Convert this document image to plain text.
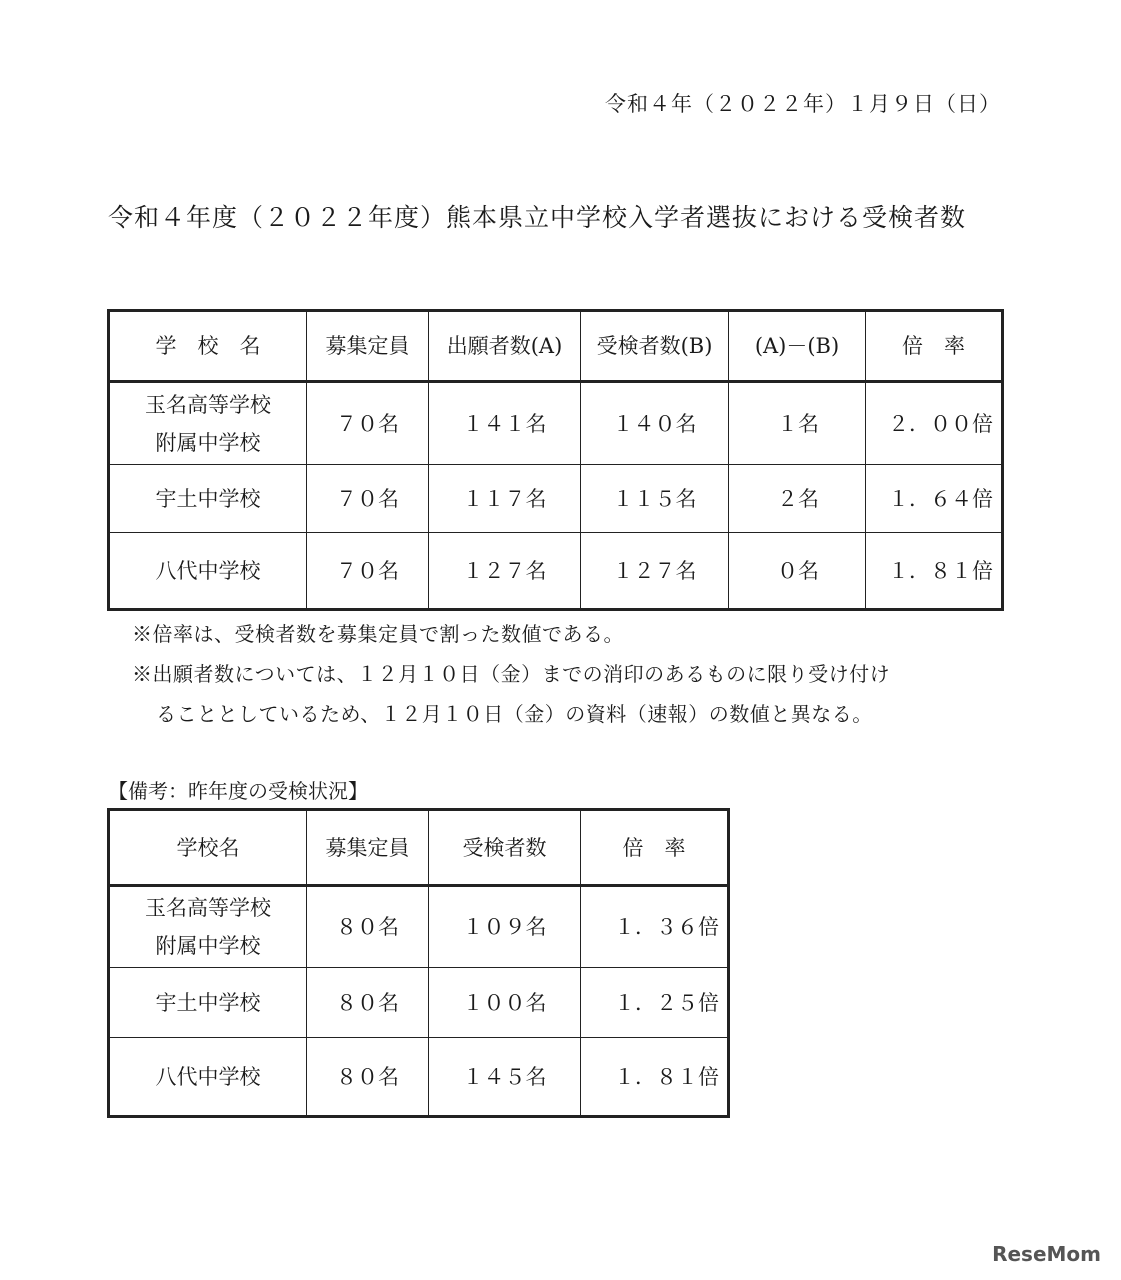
令和４年（２０２２年）１月９日（日）
令和４年度（２０２２年度）熊本県立中学校入学者選抜における受検者数
学　校　名	募集定員	出願者数(A)	受検者数(B)	(A)－(B)	倍　率

玉名高等学校
附属中学校	７０名	１４１名	１４０名	１名	２．００倍
宇土中学校	７０名	１１７名	１１５名	２名	１．６４倍
八代中学校	７０名	１２７名	１２７名	０名	１．８１倍
※倍率は、受検者数を募集定員で割った数値である。
※出願者数については、１２月１０日（金）までの消印のあるものに限り受け付け
ることとしているため、１２月１０日（金）の資料（速報）の数値と異なる。
【備考：昨年度の受検状況】
学校名	募集定員	受検者数	倍　率

玉名高等学校
附属中学校	８０名	１０９名	１．３６倍
宇土中学校	８０名	１００名	１．２５倍
八代中学校	８０名	１４５名	１．８１倍
ReseMom
